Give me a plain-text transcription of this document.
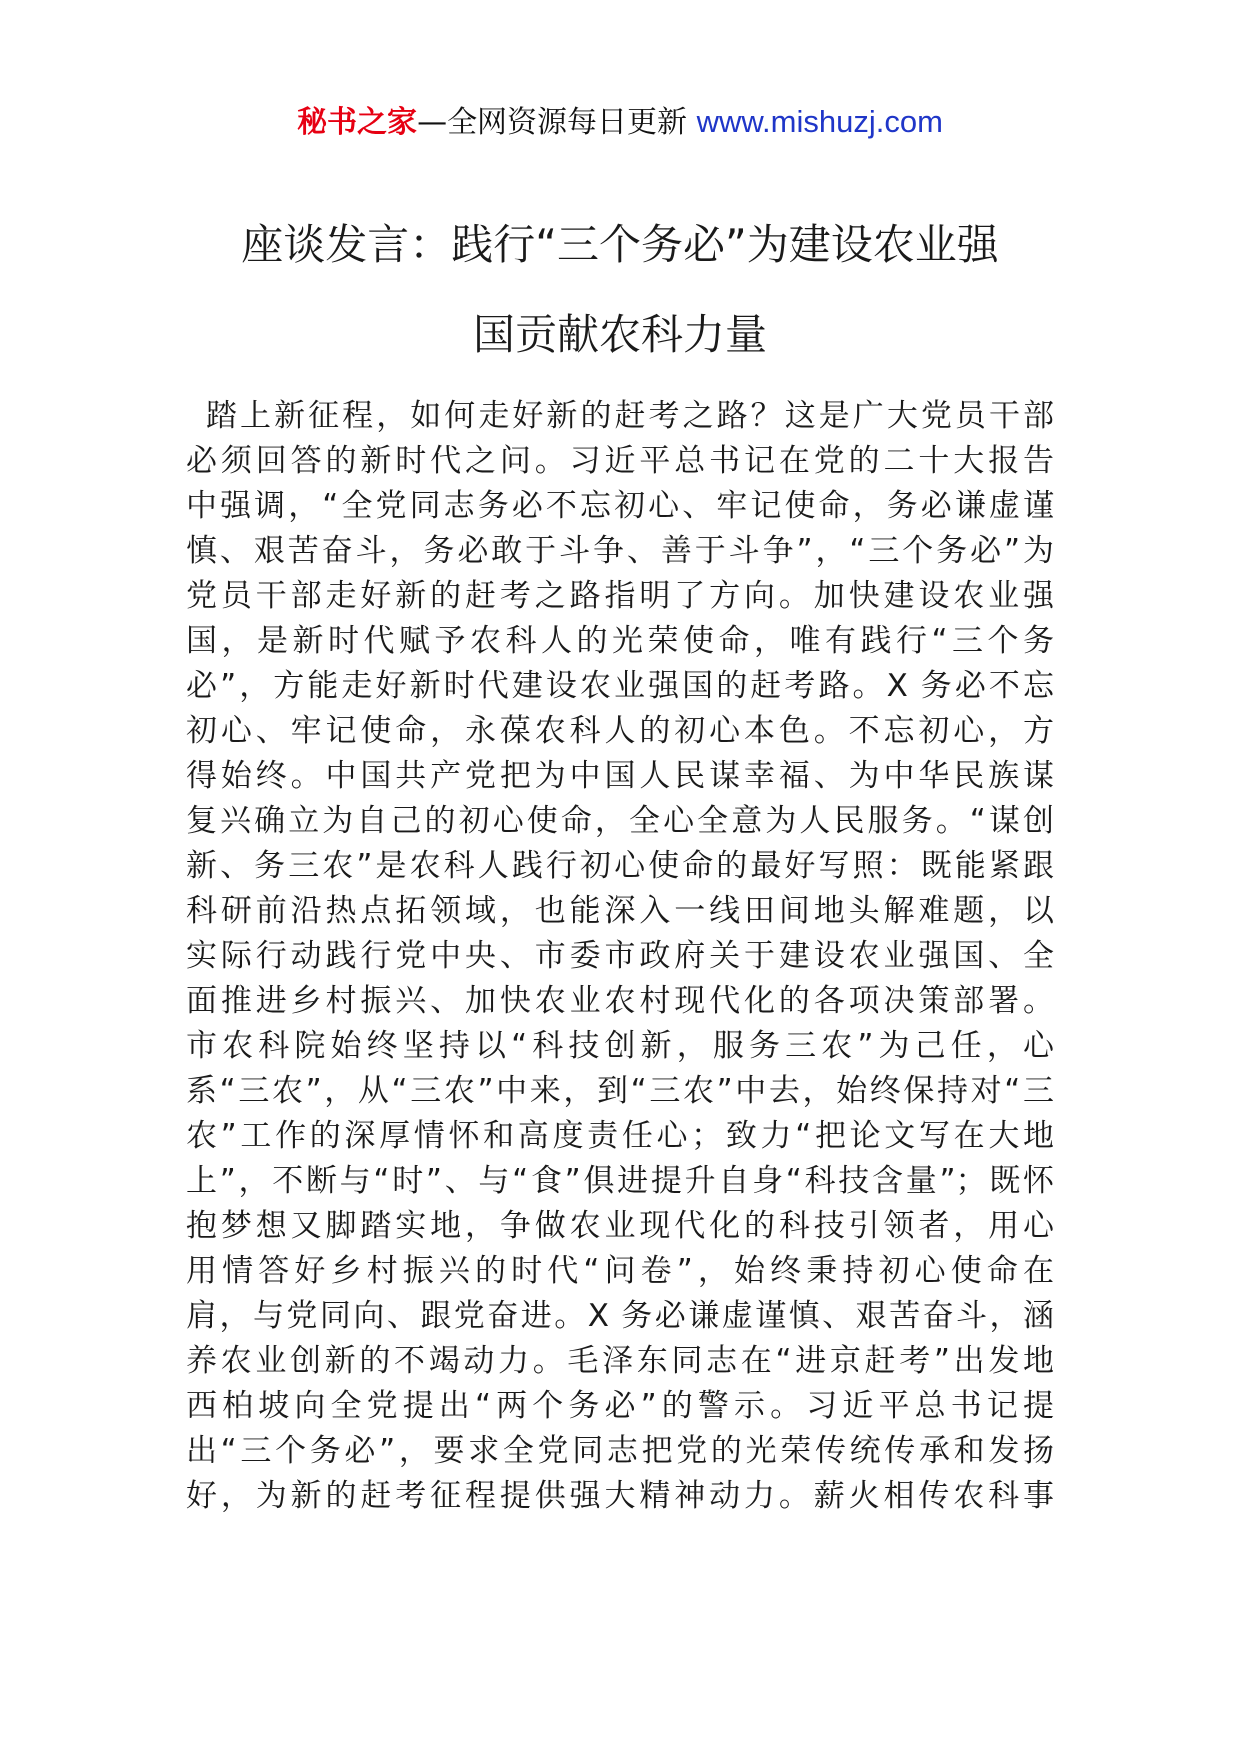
秘书之家—全网资源每日更新 www.mishuzj.com
座谈发言：践行“三个务必”为建设农业强
国贡献农科力量
踏上新征程，如何走好新的赶考之路？这是广大党员干部
必须回答的新时代之问。习近平总书记在党的二十大报告
中强调，“全党同志务必不忘初心、牢记使命，务必谦虚谨
慎、艰苦奋斗，务必敢于斗争、善于斗争”，“三个务必”为
党员干部走好新的赶考之路指明了方向。加快建设农业强
国，是新时代赋予农科人的光荣使命，唯有践行“三个务
必”，方能走好新时代建设农业强国的赶考路。X 务必不忘
初心、牢记使命，永葆农科人的初心本色。不忘初心，方
得始终。中国共产党把为中国人民谋幸福、为中华民族谋
复兴确立为自己的初心使命，全心全意为人民服务。“谋创
新、务三农”是农科人践行初心使命的最好写照：既能紧跟
科研前沿热点拓领域，也能深入一线田间地头解难题，以
实际行动践行党中央、市委市政府关于建设农业强国、全
面推进乡村振兴、加快农业农村现代化的各项决策部署。
市农科院始终坚持以“科技创新，服务三农”为己任，心
系“三农”，从“三农”中来，到“三农”中去，始终保持对“三
农”工作的深厚情怀和高度责任心；致力“把论文写在大地
上”，不断与“时”、与“食”俱进提升自身“科技含量”；既怀
抱梦想又脚踏实地，争做农业现代化的科技引领者，用心
用情答好乡村振兴的时代“问卷”，始终秉持初心使命在
肩，与党同向、跟党奋进。X 务必谦虚谨慎、艰苦奋斗，涵
养农业创新的不竭动力。毛泽东同志在“进京赶考”出发地
西柏坡向全党提出“两个务必”的警示。习近平总书记提
出“三个务必”，要求全党同志把党的光荣传统传承和发扬
好，为新的赶考征程提供强大精神动力。薪火相传农科事
